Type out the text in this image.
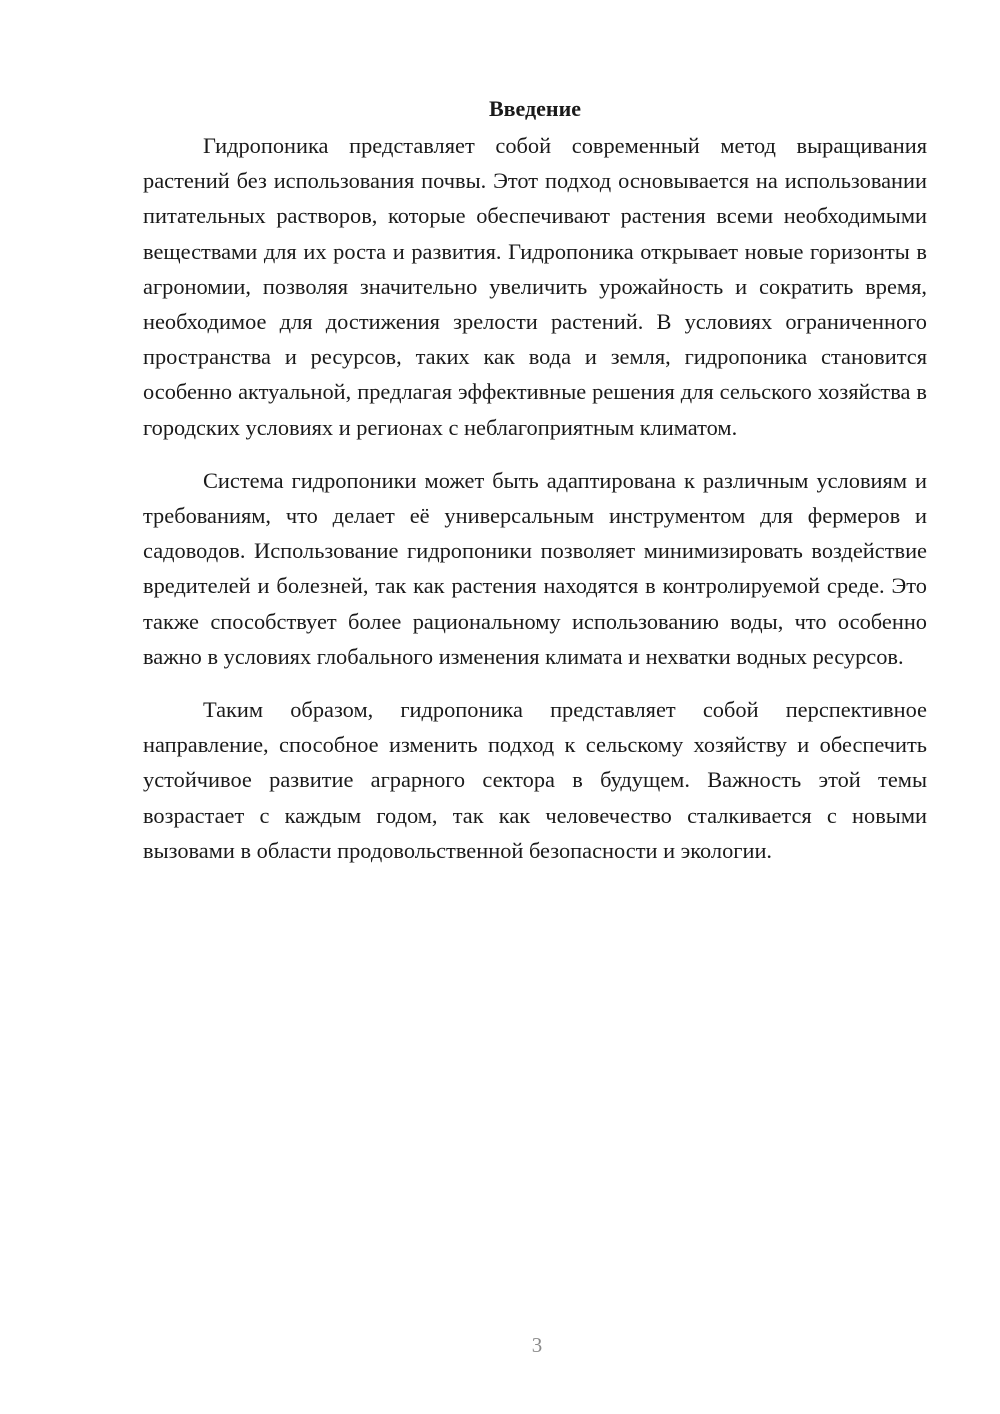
Введение

Гидропоника представляет собой современный метод выращивания растений без использования почвы. Этот подход основывается на использовании питательных растворов, которые обеспечивают растения всеми необходимыми веществами для их роста и развития. Гидропоника открывает новые горизонты в агрономии, позволяя значительно увеличить урожайность и сократить время, необходимое для достижения зрелости растений. В условиях ограниченного пространства и ресурсов, таких как вода и земля, гидропоника становится особенно актуальной, предлагая эффективные решения для сельского хозяйства в городских условиях и регионах с неблагоприятным климатом.

Система гидропоники может быть адаптирована к различным условиям и требованиям, что делает её универсальным инструментом для фермеров и садоводов. Использование гидропоники позволяет минимизировать воздействие вредителей и болезней, так как растения находятся в контролируемой среде. Это также способствует более рациональному использованию воды, что особенно важно в условиях глобального изменения климата и нехватки водных ресурсов.

Таким образом, гидропоника представляет собой перспективное направление, способное изменить подход к сельскому хозяйству и обеспечить устойчивое развитие аграрного сектора в будущем. Важность этой темы возрастает с каждым годом, так как человечество сталкивается с новыми вызовами в области продовольственной безопасности и экологии.

3
